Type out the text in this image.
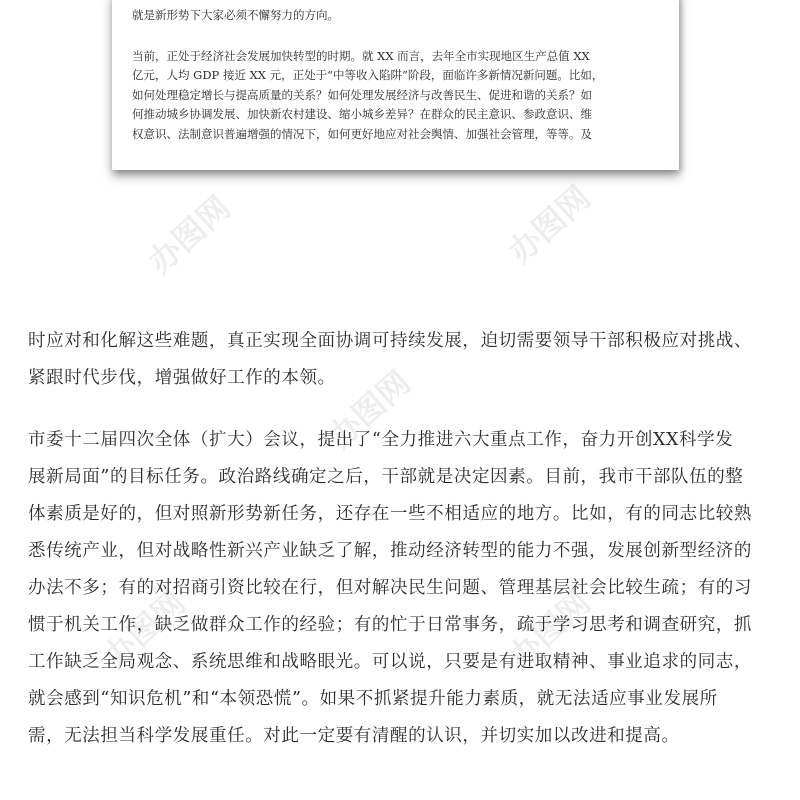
就是新形势下大家必须不懈努力的方向。

当前，正处于经济社会发展加快转型的时期。就 XX 而言，去年全市实现地区生产总值 XX

亿元，人均 GDP 接近 XX 元，正处于“中等收入陷阱”阶段，面临许多新情况新问题。比如，

如何处理稳定增长与提高质量的关系？如何处理发展经济与改善民生、促进和谐的关系？如

何推动城乡协调发展、加快新农村建设、缩小城乡差异？在群众的民主意识、参政意识、维

权意识、法制意识普遍增强的情况下，如何更好地应对社会舆情、加强社会管理，等等。及

时应对和化解这些难题，真正实现全面协调可持续发展，迫切需要领导干部积极应对挑战、

紧跟时代步伐，增强做好工作的本领。

市委十二届四次全体（扩大）会议，提出了“全力推进六大重点工作，奋力开创XX科学发

展新局面”的目标任务。政治路线确定之后，干部就是决定因素。目前，我市干部队伍的整

体素质是好的，但对照新形势新任务，还存在一些不相适应的地方。比如，有的同志比较熟

悉传统产业，但对战略性新兴产业缺乏了解，推动经济转型的能力不强，发展创新型经济的

办法不多；有的对招商引资比较在行，但对解决民生问题、管理基层社会比较生疏；有的习

惯于机关工作，缺乏做群众工作的经验；有的忙于日常事务，疏于学习思考和调查研究，抓

工作缺乏全局观念、系统思维和战略眼光。可以说，只要是有进取精神、事业追求的同志，

就会感到“知识危机”和“本领恐慌”。如果不抓紧提升能力素质，就无法适应事业发展所

需，无法担当科学发展重任。对此一定要有清醒的认识，并切实加以改进和提高。

办图网	办图网
办图网
办图网	办图网
